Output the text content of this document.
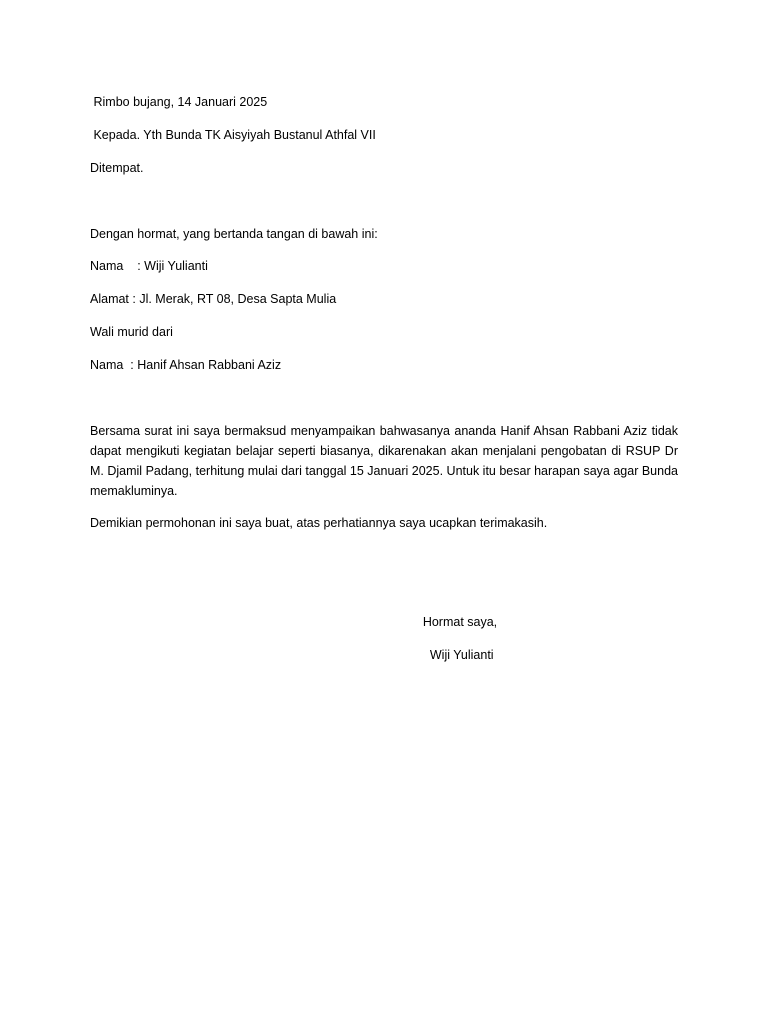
Rimbo bujang, 14 Januari 2025
Kepada. Yth Bunda TK Aisyiyah Bustanul Athfal VII
Ditempat.
Dengan hormat, yang bertanda tangan di bawah ini:
Nama    : Wiji Yulianti
Alamat : Jl. Merak, RT 08, Desa Sapta Mulia
Wali murid dari
Nama  : Hanif Ahsan Rabbani Aziz
Bersama surat ini saya bermaksud menyampaikan bahwasanya ananda Hanif Ahsan Rabbani Aziz tidak dapat mengikuti kegiatan belajar seperti biasanya, dikarenakan akan menjalani pengobatan di RSUP Dr M. Djamil Padang, terhitung mulai dari tanggal 15 Januari 2025. Untuk itu besar harapan saya agar Bunda memakluminya.
Demikian permohonan ini saya buat, atas perhatiannya saya ucapkan terimakasih.
Hormat saya,
Wiji Yulianti
